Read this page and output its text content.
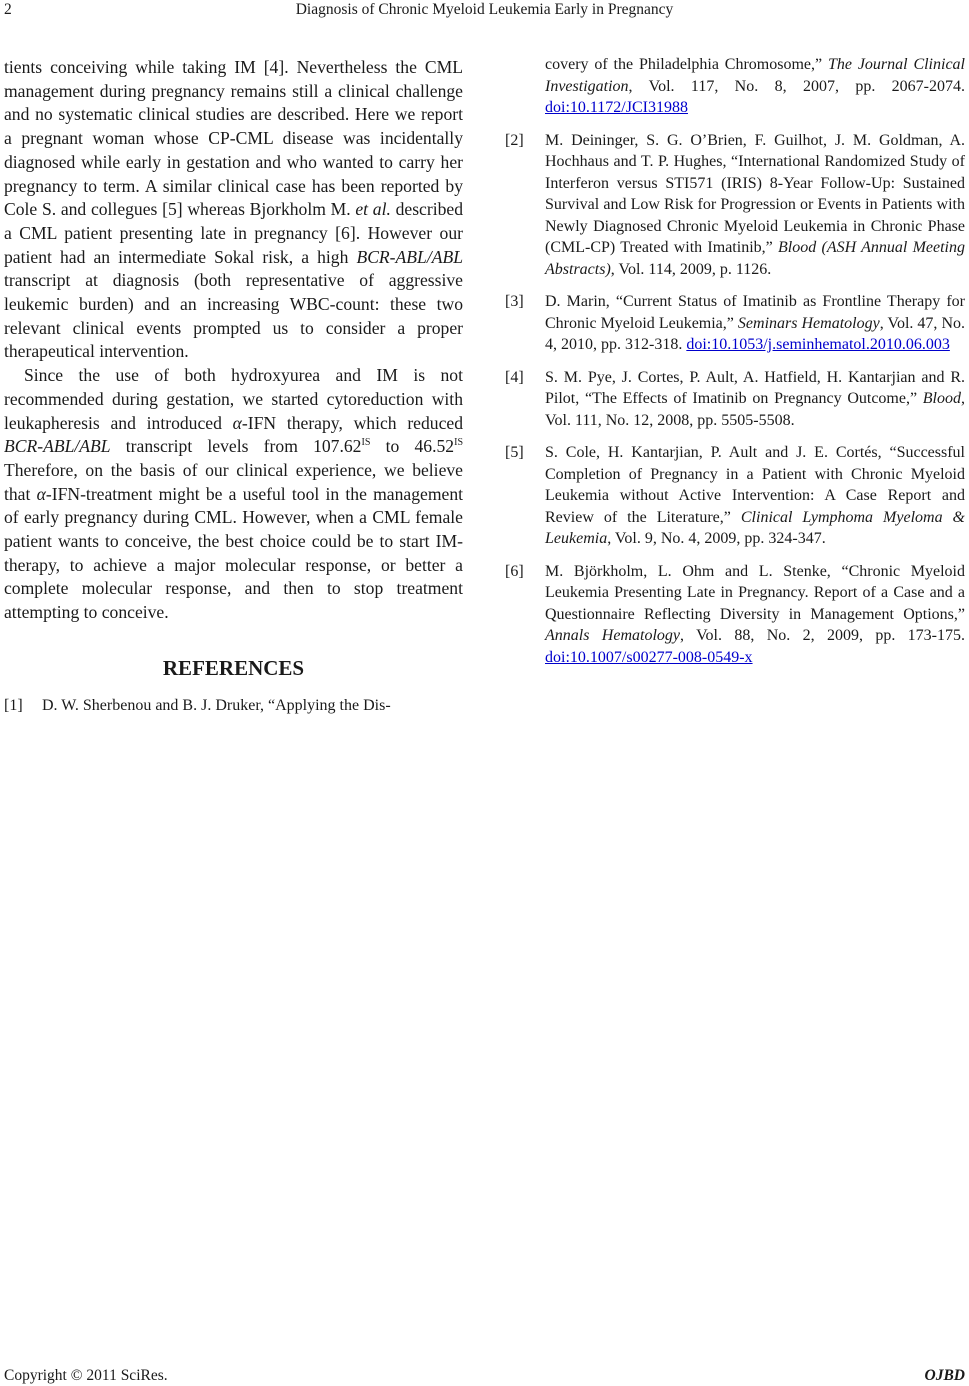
2	Diagnosis of Chronic Myeloid Leukemia Early in Pregnancy

tients conceiving while taking IM [4]. Nevertheless the CML management during pregnancy remains still a clinical challenge and no systematic clinical studies are described. Here we report a pregnant woman whose CP-CML disease was incidentally diagnosed while early in gestation and who wanted to carry her pregnancy to term. A similar clinical case has been reported by Cole S. and collegues [5] whereas Bjorkholm M. et al. described a CML patient presenting late in pregnancy [6]. However our patient had an intermediate Sokal risk, a high BCR-ABL/ABL transcript at diagnosis (both representative of aggressive leukemic burden) and an increasing WBC-count: these two relevant clinical events prompted us to consider a proper therapeutical intervention.

Since the use of both hydroxyurea and IM is not recommended during gestation, we started cytoreduction with leukapheresis and introduced α-IFN therapy, which reduced BCR-ABL/ABL transcript levels from $107.62^{IS}$ to $46.52^{IS}$ Therefore, on the basis of our clinical experience, we believe that α-IFN-treatment might be a useful tool in the management of early pregnancy during CML. However, when a CML female patient wants to conceive, the best choice could be to start IM-therapy, to achieve a major molecular response, or better a complete molecular response, and then to stop treatment attempting to conceive.

REFERENCES
[1] D. W. Sherbenou and B. J. Druker, “Applying the Dis-
covery of the Philadelphia Chromosome,” The Journal Clinical Investigation, Vol. 117, No. 8, 2007, pp. 2067-2074. doi:10.1172/JCI31988
[2] M. Deininger, S. G. O’Brien, F. Guilhot, J. M. Goldman, A. Hochhaus and T. P. Hughes, “International Randomized Study of Interferon versus STI571 (IRIS) 8-Year Follow-Up: Sustained Survival and Low Risk for Progression or Events in Patients with Newly Diagnosed Chronic Myeloid Leukemia in Chronic Phase (CML-CP) Treated with Imatinib,” Blood (ASH Annual Meeting Abstracts), Vol. 114, 2009, p. 1126.
[3] D. Marin, “Current Status of Imatinib as Frontline Therapy for Chronic Myeloid Leukemia,” Seminars Hematology, Vol. 47, No. 4, 2010, pp. 312-318. doi:10.1053/j.seminhematol.2010.06.003
[4] S. M. Pye, J. Cortes, P. Ault, A. Hatfield, H. Kantarjian and R. Pilot, “The Effects of Imatinib on Pregnancy Outcome,” Blood, Vol. 111, No. 12, 2008, pp. 5505-5508.
[5] S. Cole, H. Kantarjian, P. Ault and J. E. Cortés, “Successful Completion of Pregnancy in a Patient with Chronic Myeloid Leukemia without Active Intervention: A Case Report and Review of the Literature,” Clinical Lymphoma Myeloma & Leukemia, Vol. 9, No. 4, 2009, pp. 324-347.
[6] M. Björkholm, L. Ohm and L. Stenke, “Chronic Myeloid Leukemia Presenting Late in Pregnancy. Report of a Case and a Questionnaire Reflecting Diversity in Management Options,” Annals Hematology, Vol. 88, No. 2, 2009, pp. 173-175. doi:10.1007/s00277-008-0549-x
Copyright © 2011 SciRes.	OJBD
